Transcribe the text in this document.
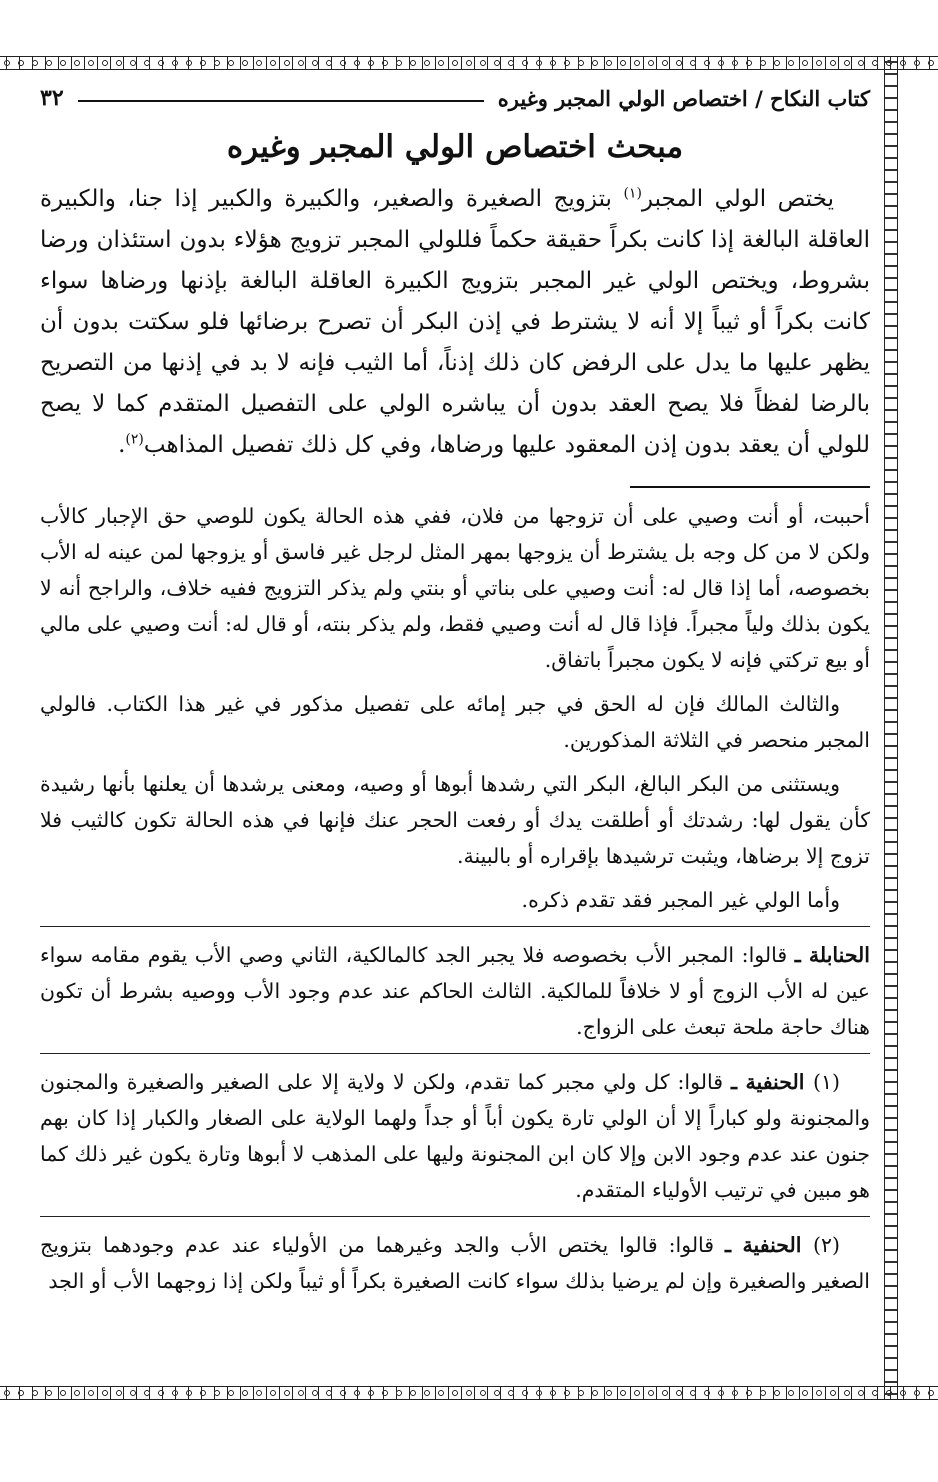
كتاب النكاح / اختصاص الولي المجبر وغيره
٣٢
مبحث اختصاص الولي المجبر وغيره

يختص الولي المجبر$^{(١)}$ بتزويج الصغيرة والصغير، والكبيرة والكبير إذا جنا، والكبيرة العاقلة البالغة إذا كانت بكراً حقيقة حكماً فللولي المجبر تزويج هؤلاء بدون استئذان ورضا بشروط، ويختص الولي غير المجبر بتزويج الكبيرة العاقلة البالغة بإذنها ورضاها سواء كانت بكراً أو ثيباً إلا أنه لا يشترط في إذن البكر أن تصرح برضائها فلو سكتت بدون أن يظهر عليها ما يدل على الرفض كان ذلك إذناً، أما الثيب فإنه لا بد في إذنها من التصريح بالرضا لفظاً فلا يصح العقد بدون أن يباشره الولي على التفصيل المتقدم كما لا يصح للولي أن يعقد بدون إذن المعقود عليها ورضاها، وفي كل ذلك تفصيل المذاهب$^{(٢)}$.

أحببت، أو أنت وصيي على أن تزوجها من فلان، ففي هذه الحالة يكون للوصي حق الإجبار كالأب ولكن لا من كل وجه بل يشترط أن يزوجها بمهر المثل لرجل غير فاسق أو يزوجها لمن عينه له الأب بخصوصه، أما إذا قال له: أنت وصيي على بناتي أو بنتي ولم يذكر التزويج ففيه خلاف، والراجح أنه لا يكون بذلك ولياً مجبراً. فإذا قال له أنت وصيي فقط، ولم يذكر بنته، أو قال له: أنت وصيي على مالي أو بيع تركتي فإنه لا يكون مجبراً باتفاق.

والثالث المالك فإن له الحق في جبر إمائه على تفصيل مذكور في غير هذا الكتاب. فالولي المجبر منحصر في الثلاثة المذكورين.

ويستثنى من البكر البالغ، البكر التي رشدها أبوها أو وصيه، ومعنى يرشدها أن يعلنها بأنها رشيدة كأن يقول لها: رشدتك أو أطلقت يدك أو رفعت الحجر عنك فإنها في هذه الحالة تكون كالثيب فلا تزوج إلا برضاها، ويثبت ترشيدها بإقراره أو بالبينة.

وأما الولي غير المجبر فقد تقدم ذكره.

الحنابلة ـ قالوا: المجبر الأب بخصوصه فلا يجبر الجد كالمالكية، الثاني وصي الأب يقوم مقامه سواء عين له الأب الزوج أو لا خلافاً للمالكية. الثالث الحاكم عند عدم وجود الأب ووصيه بشرط أن تكون هناك حاجة ملحة تبعث على الزواج.

(١) الحنفية ـ قالوا: كل ولي مجبر كما تقدم، ولكن لا ولاية إلا على الصغير والصغيرة والمجنون والمجنونة ولو كباراً إلا أن الولي تارة يكون أباً أو جداً ولهما الولاية على الصغار والكبار إذا كان بهم جنون عند عدم وجود الابن وإلا كان ابن المجنونة وليها على المذهب لا أبوها وتارة يكون غير ذلك كما هو مبين في ترتيب الأولياء المتقدم.

(٢) الحنفية ـ قالوا: قالوا يختص الأب والجد وغيرهما من الأولياء عند عدم وجودهما بتزويج الصغير والصغيرة وإن لم يرضيا بذلك سواء كانت الصغيرة بكراً أو ثيباً ولكن إذا زوجهما الأب أو الجد
